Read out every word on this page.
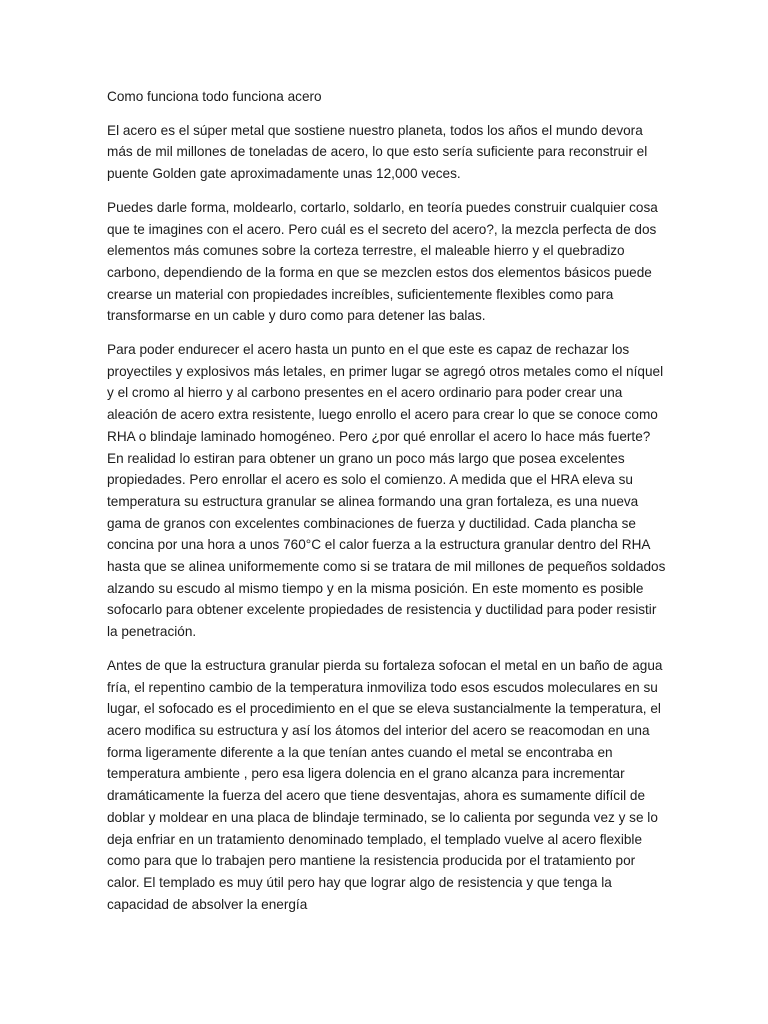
Como funciona todo funciona acero

El acero es el súper metal que sostiene nuestro planeta, todos los años el mundo devora más de mil millones de toneladas de acero, lo que esto sería suficiente para reconstruir el puente Golden gate aproximadamente unas 12,000 veces.

Puedes darle forma, moldearlo, cortarlo, soldarlo, en teoría puedes construir cualquier cosa que te imagines con el acero. Pero cuál es el secreto del acero?, la mezcla perfecta de dos elementos más comunes sobre la corteza terrestre, el maleable hierro y el quebradizo carbono, dependiendo de la forma en que se mezclen estos dos elementos básicos puede crearse un material con propiedades increíbles, suficientemente flexibles como para transformarse en un cable y duro como para detener las balas.

Para poder endurecer el acero hasta un punto en el que este es capaz de rechazar los proyectiles y explosivos más letales, en primer lugar se agregó otros metales como el níquel y el cromo al hierro y al carbono presentes en el acero ordinario para poder crear una aleación de acero extra resistente, luego enrollo el acero para crear lo que se conoce como RHA o blindaje laminado homogéneo. Pero ¿por qué enrollar el acero lo hace más fuerte? En realidad lo estiran para obtener un grano un poco más largo que posea excelentes propiedades. Pero enrollar el acero es solo el comienzo. A medida que el HRA eleva su temperatura su estructura granular se alinea formando una gran fortaleza, es una nueva gama de granos con excelentes combinaciones de fuerza y ductilidad. Cada plancha se concina por una hora a unos 760°C el calor fuerza a la estructura granular dentro del RHA hasta que se alinea uniformemente como si se tratara de mil millones de pequeños soldados alzando su escudo al mismo tiempo y en la misma posición. En este momento es posible sofocarlo para obtener excelente propiedades de resistencia y ductilidad para poder resistir la penetración.

Antes de que la estructura granular pierda su fortaleza sofocan el metal en un baño de agua fría, el repentino cambio de la temperatura inmoviliza todo esos escudos moleculares en su lugar, el sofocado es el procedimiento en el que se eleva sustancialmente la temperatura, el acero modifica su estructura y así los átomos del interior del acero se reacomodan en una forma ligeramente diferente a la que tenían antes cuando el metal se encontraba en temperatura ambiente , pero esa ligera dolencia en el grano alcanza para incrementar dramáticamente la fuerza del acero que tiene desventajas, ahora es sumamente difícil de doblar y moldear en una placa de blindaje terminado, se lo calienta por segunda vez y se lo deja enfriar en un tratamiento denominado templado, el templado vuelve al acero flexible como para que lo trabajen pero mantiene la resistencia producida por el tratamiento por calor. El templado es muy útil pero hay que lograr algo de resistencia y que tenga la capacidad de absolver la energía
